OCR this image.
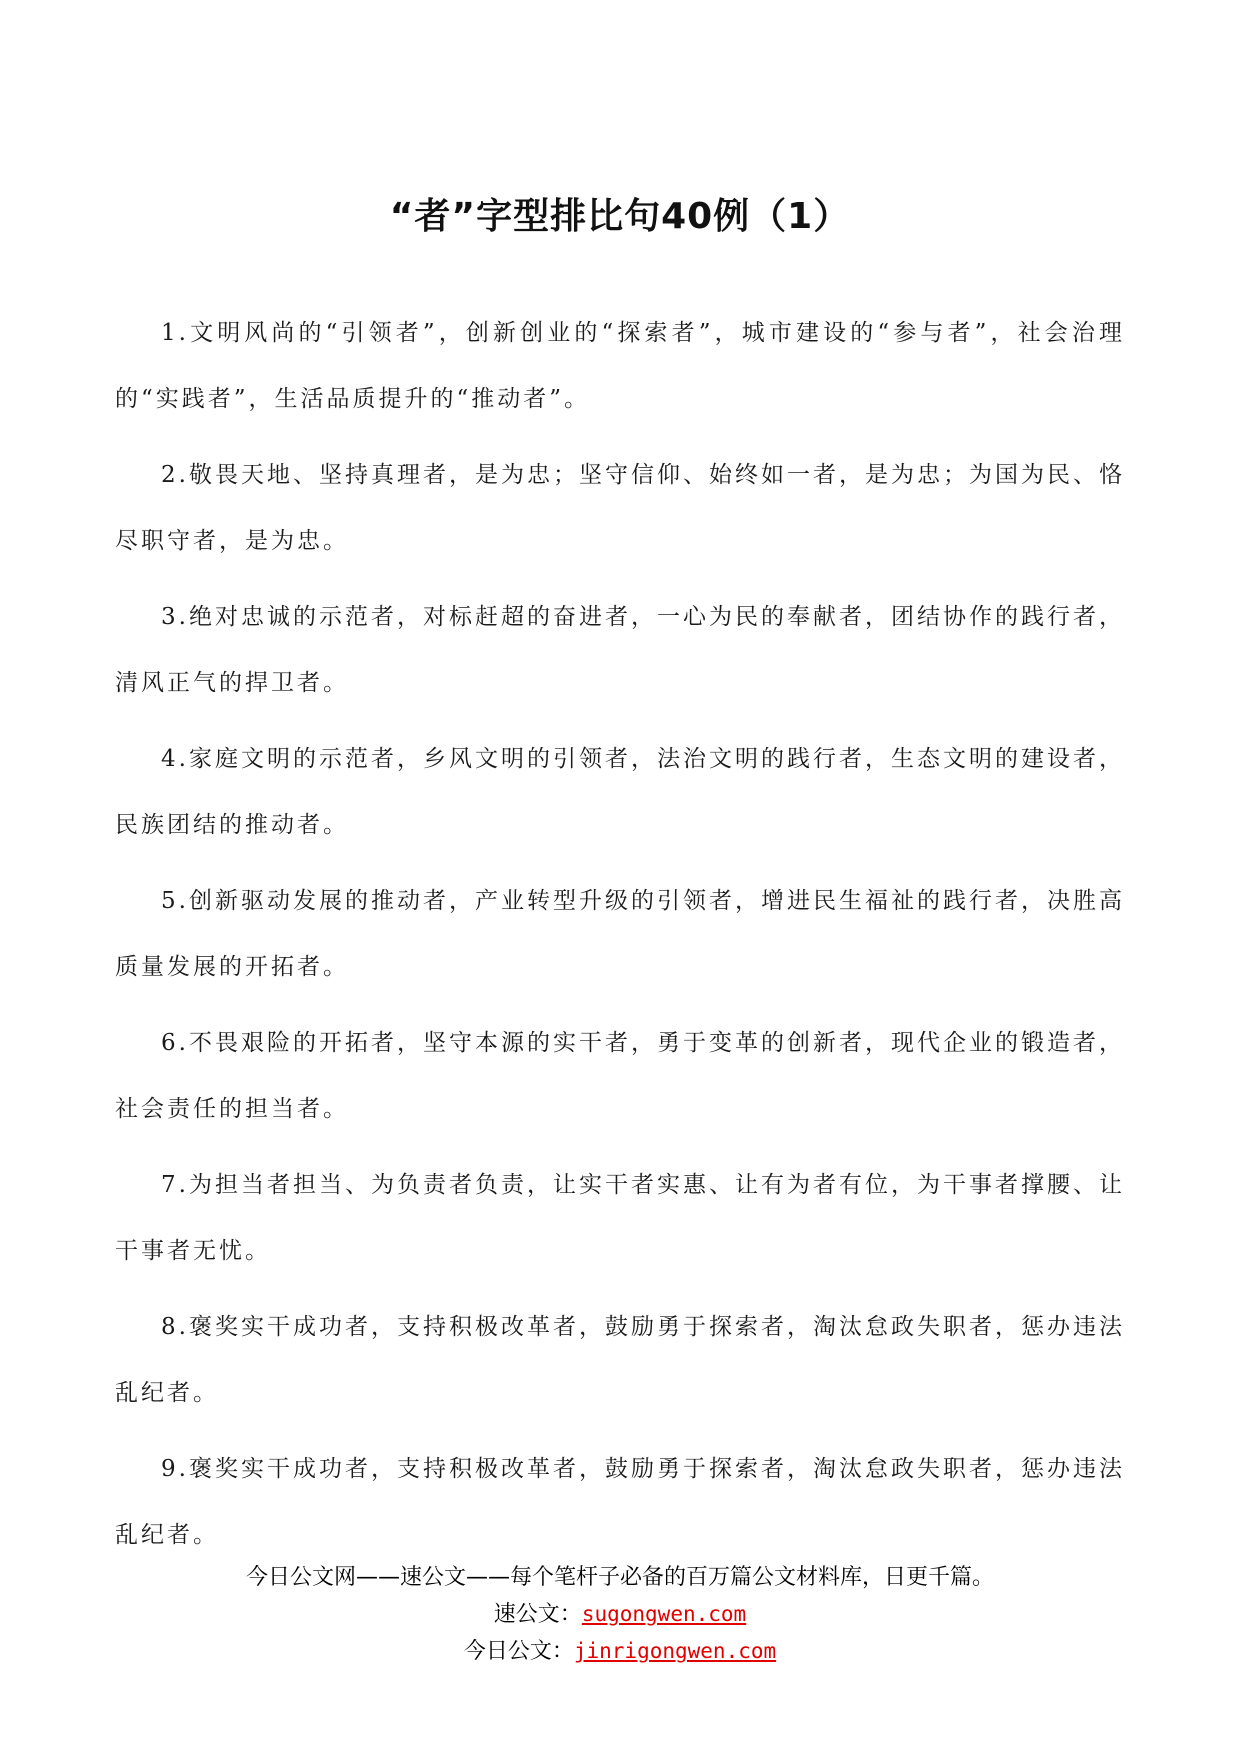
“者”字型排比句40例（1）

1.文明风尚的“引领者”，创新创业的“探索者”，城市建设的“参与者”，社会治理的“实践者”，生活品质提升的“推动者”。

2.敬畏天地、坚持真理者，是为忠；坚守信仰、始终如一者，是为忠；为国为民、恪尽职守者，是为忠。

3.绝对忠诚的示范者，对标赶超的奋进者，一心为民的奉献者，团结协作的践行者，清风正气的捍卫者。

4.家庭文明的示范者，乡风文明的引领者，法治文明的践行者，生态文明的建设者，民族团结的推动者。

5.创新驱动发展的推动者，产业转型升级的引领者，增进民生福祉的践行者，决胜高质量发展的开拓者。

6.不畏艰险的开拓者，坚守本源的实干者，勇于变革的创新者，现代企业的锻造者，社会责任的担当者。

7.为担当者担当、为负责者负责，让实干者实惠、让有为者有位，为干事者撑腰、让干事者无忧。

8.褒奖实干成功者，支持积极改革者，鼓励勇于探索者，淘汰怠政失职者，惩办违法乱纪者。

9.褒奖实干成功者，支持积极改革者，鼓励勇于探索者，淘汰怠政失职者，惩办违法乱纪者。

今日公文网——速公文——每个笔杆子必备的百万篇公文材料库，日更千篇。
速公文：sugongwen.com
今日公文：jinrigongwen.com
